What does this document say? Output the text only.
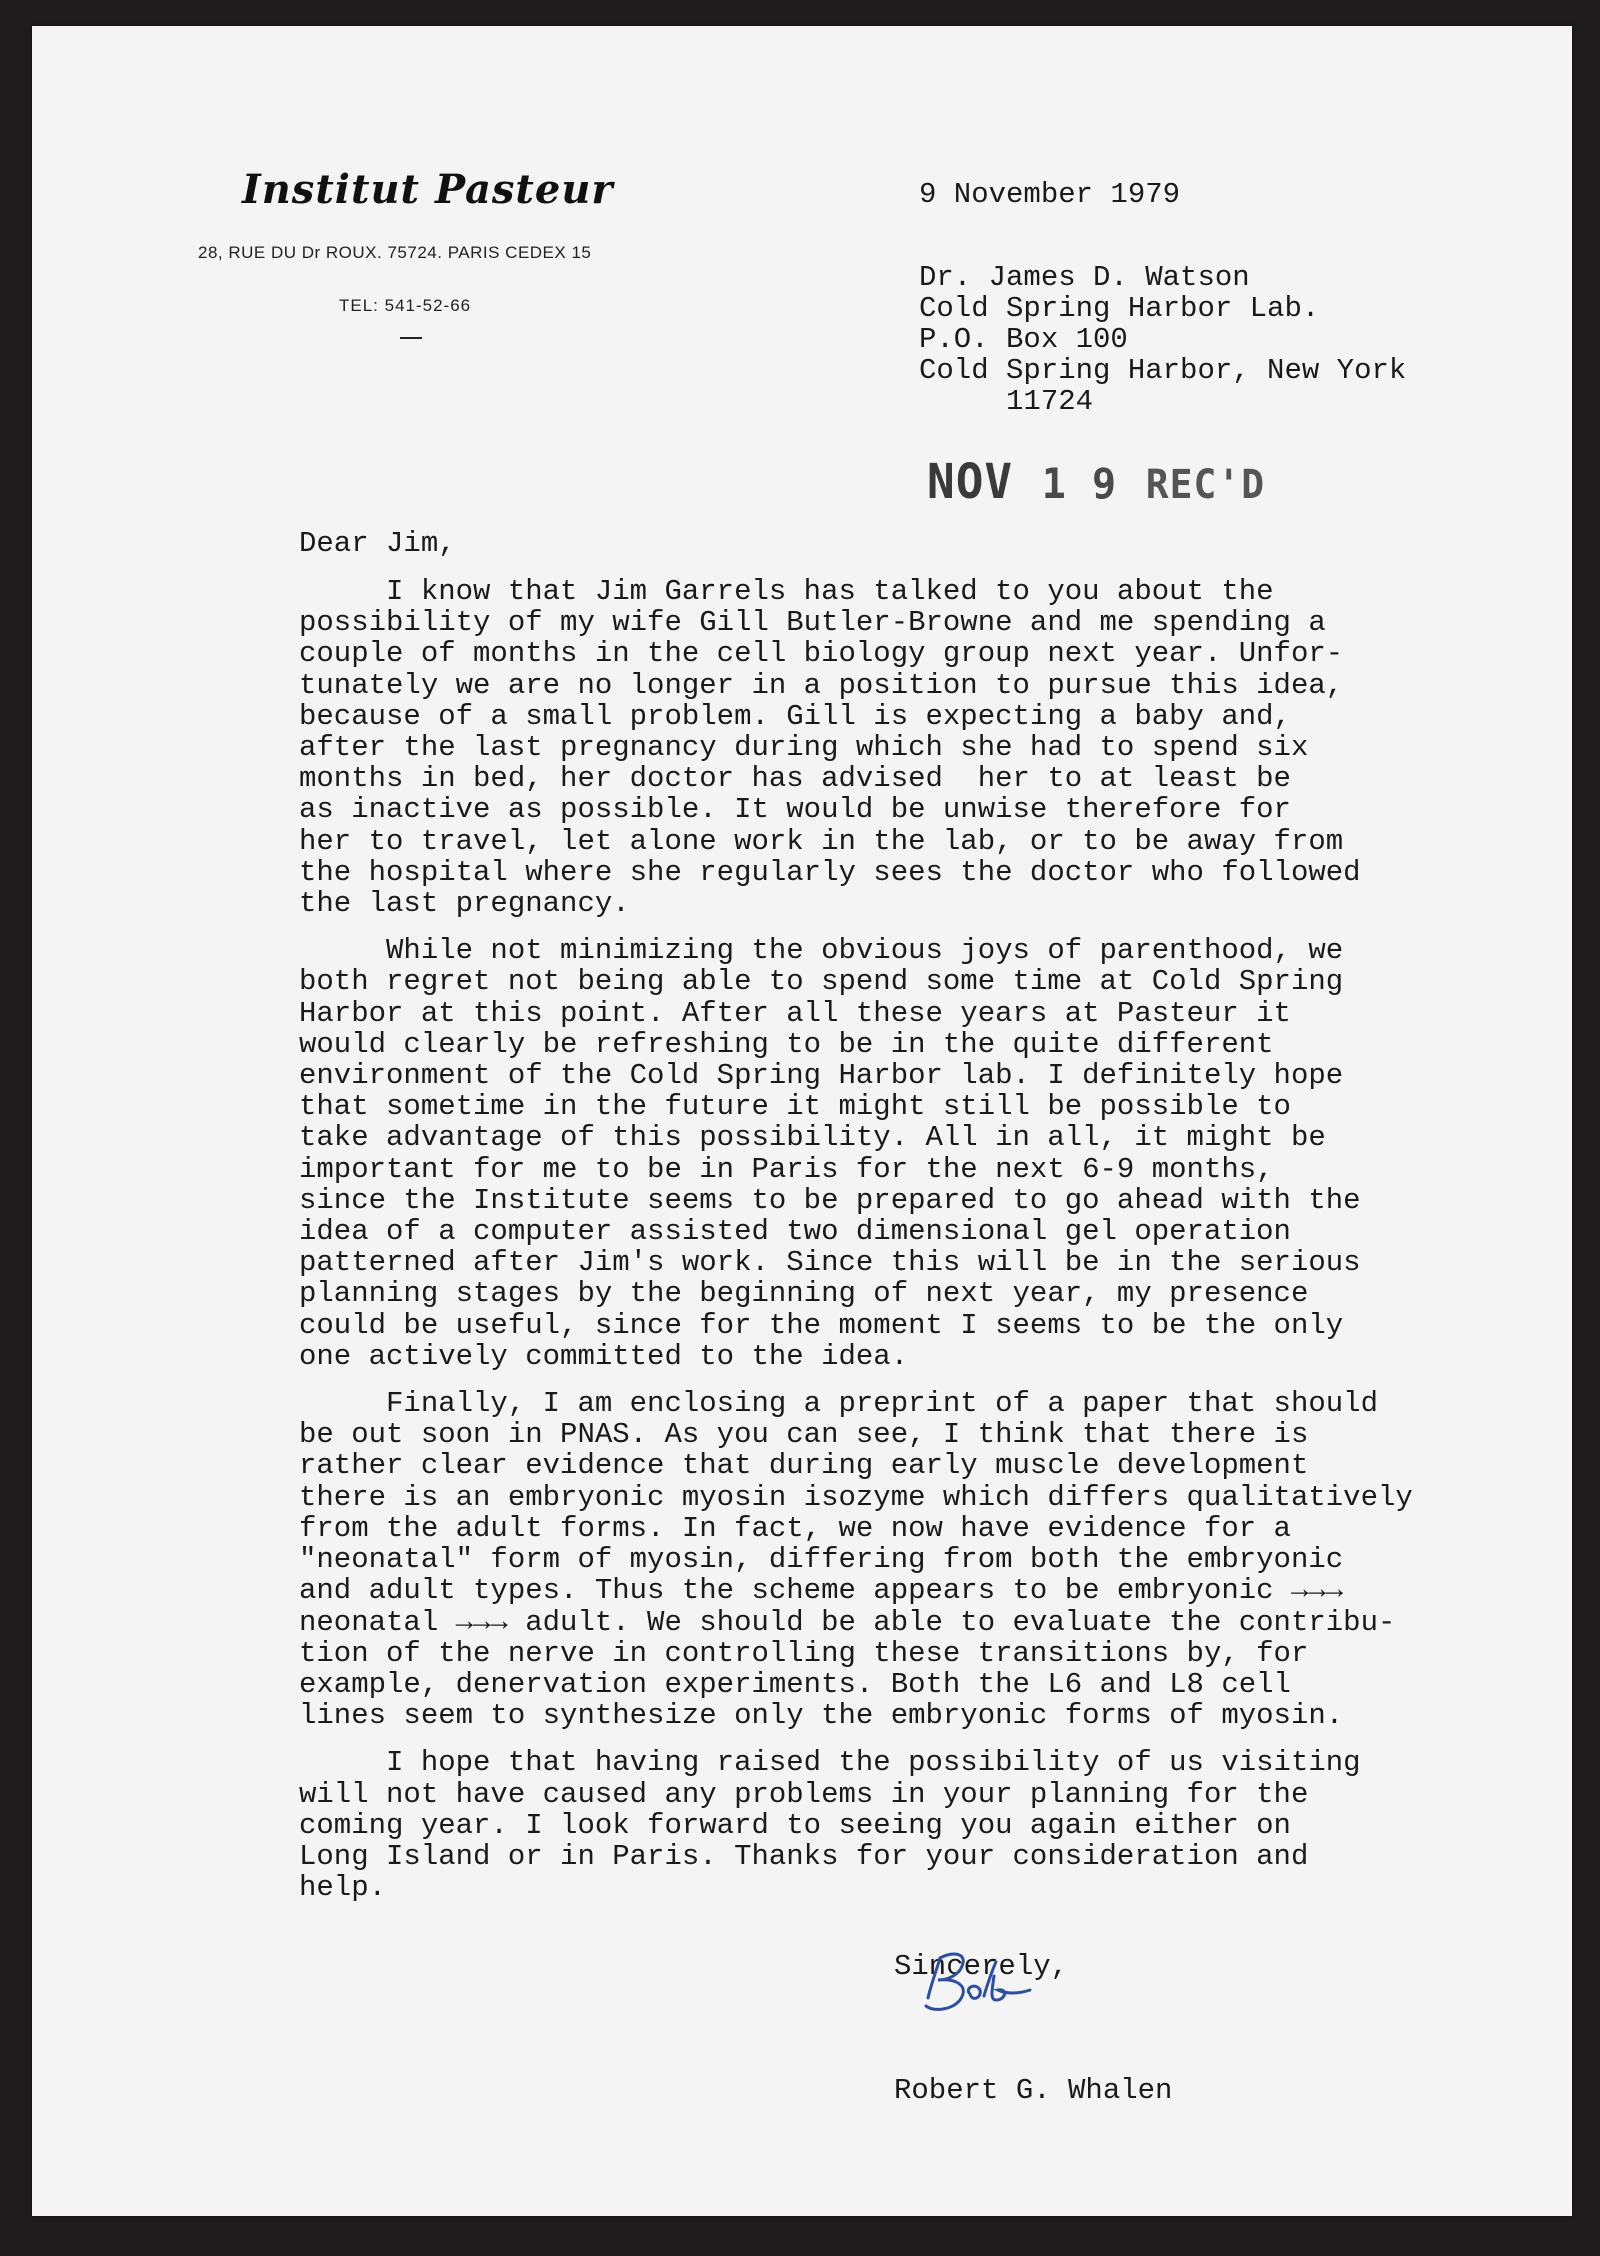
Institut Pasteur
28, RUE DU Dr ROUX. 75724. PARIS CEDEX 15
TEL: 541-52-66
9 November 1979
Dr. James D. Watson
Cold Spring Harbor Lab.
P.O. Box 100
Cold Spring Harbor, New York
11724
NOV 1 9 REC'D
Dear Jim,
I know that Jim Garrels has talked to you about the
possibility of my wife Gill Butler-Browne and me spending a
couple of months in the cell biology group next year. Unfor-
tunately we are no longer in a position to pursue this idea,
because of a small problem. Gill is expecting a baby and,
after the last pregnancy during which she had to spend six
months in bed, her doctor has advised  her to at least be
as inactive as possible. It would be unwise therefore for
her to travel, let alone work in the lab, or to be away from
the hospital where she regularly sees the doctor who followed
the last pregnancy.
While not minimizing the obvious joys of parenthood, we
both regret not being able to spend some time at Cold Spring
Harbor at this point. After all these years at Pasteur it
would clearly be refreshing to be in the quite different
environment of the Cold Spring Harbor lab. I definitely hope
that sometime in the future it might still be possible to
take advantage of this possibility. All in all, it might be
important for me to be in Paris for the next 6-9 months,
since the Institute seems to be prepared to go ahead with the
idea of a computer assisted two dimensional gel operation
patterned after Jim's work. Since this will be in the serious
planning stages by the beginning of next year, my presence
could be useful, since for the moment I seems to be the only
one actively committed to the idea.
Finally, I am enclosing a preprint of a paper that should
be out soon in PNAS. As you can see, I think that there is
rather clear evidence that during early muscle development
there is an embryonic myosin isozyme which differs qualitatively
from the adult forms. In fact, we now have evidence for a
"neonatal" form of myosin, differing from both the embryonic
and adult types. Thus the scheme appears to be embryonic →→→
neonatal →→→ adult. We should be able to evaluate the contribu-
tion of the nerve in controlling these transitions by, for
example, denervation experiments. Both the L6 and L8 cell
lines seem to synthesize only the embryonic forms of myosin.
I hope that having raised the possibility of us visiting
will not have caused any problems in your planning for the
coming year. I look forward to seeing you again either on
Long Island or in Paris. Thanks for your consideration and
help.
Sincerely,
Robert G. Whalen
